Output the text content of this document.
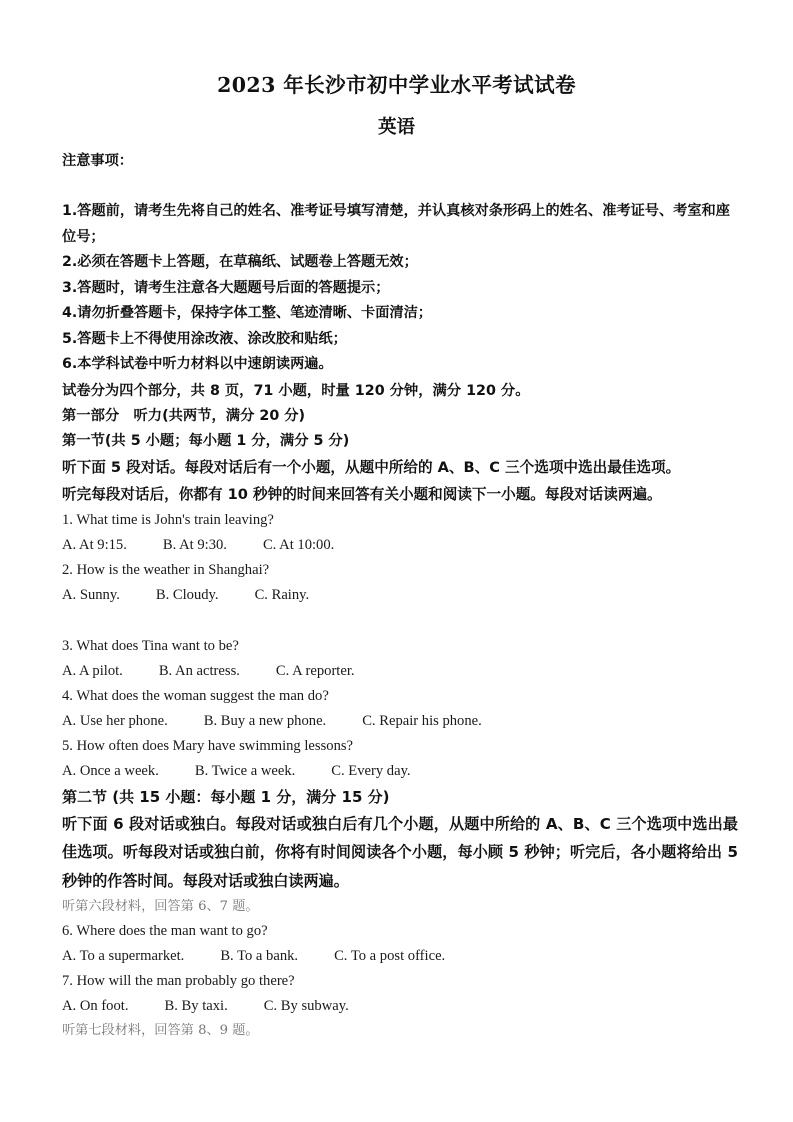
2023 年长沙市初中学业水平考试试卷
英语
注意事项：
1.答题前，请考生先将自己的姓名、准考证号填写清楚，并认真核对条形码上的姓名、准考证号、考室和座位号；
2.必须在答题卡上答题，在草稿纸、试题卷上答题无效；
3.答题时，请考生注意各大题题号后面的答题提示；
4.请勿折叠答题卡，保持字体工整、笔迹清晰、卡面清洁；
5.答题卡上不得使用涂改液、涂改胶和贴纸；
6.本学科试卷中听力材料以中速朗读两遍。
试卷分为四个部分，共 8 页，71 小题，时量 120 分钟，满分 120 分。
第一部分　听力(共两节，满分 20 分)
第一节(共 5 小题；每小题 1 分，满分 5 分)
听下面 5 段对话。每段对话后有一个小题，从题中所给的 A、B、C 三个选项中选出最佳选项。
听完每段对话后，你都有 10 秒钟的时间来回答有关小题和阅读下一小题。每段对话读两遍。
1. What time is John's train leaving?
A. At 9:15. B. At 9:30. C. At 10:00.
2. How is the weather in Shanghai?
A. Sunny. B. Cloudy. C. Rainy.
3. What does Tina want to be?
A. A pilot. B. An actress. C. A reporter.
4. What does the woman suggest the man do?
A. Use her phone. B. Buy a new phone. C. Repair his phone.
5. How often does Mary have swimming lessons?
A. Once a week. B. Twice a week. C. Every day.
第二节 (共 15 小题：每小题 1 分，满分 15 分)
听下面 6 段对话或独白。每段对话或独白后有几个小题，从题中所给的 A、B、C 三个选项中选出最佳选项。听每段对话或独白前，你将有时间阅读各个小题，每小顾 5 秒钟；听完后，各小题将给出 5 秒钟的作答时间。每段对话或独白读两遍。
听第六段材料，回答第 6、7 题。
6. Where does the man want to go?
A. To a supermarket. B. To a bank. C. To a post office.
7. How will the man probably go there?
A. On foot. B. By taxi. C. By subway.
听第七段材料，回答第 8、9 题。
